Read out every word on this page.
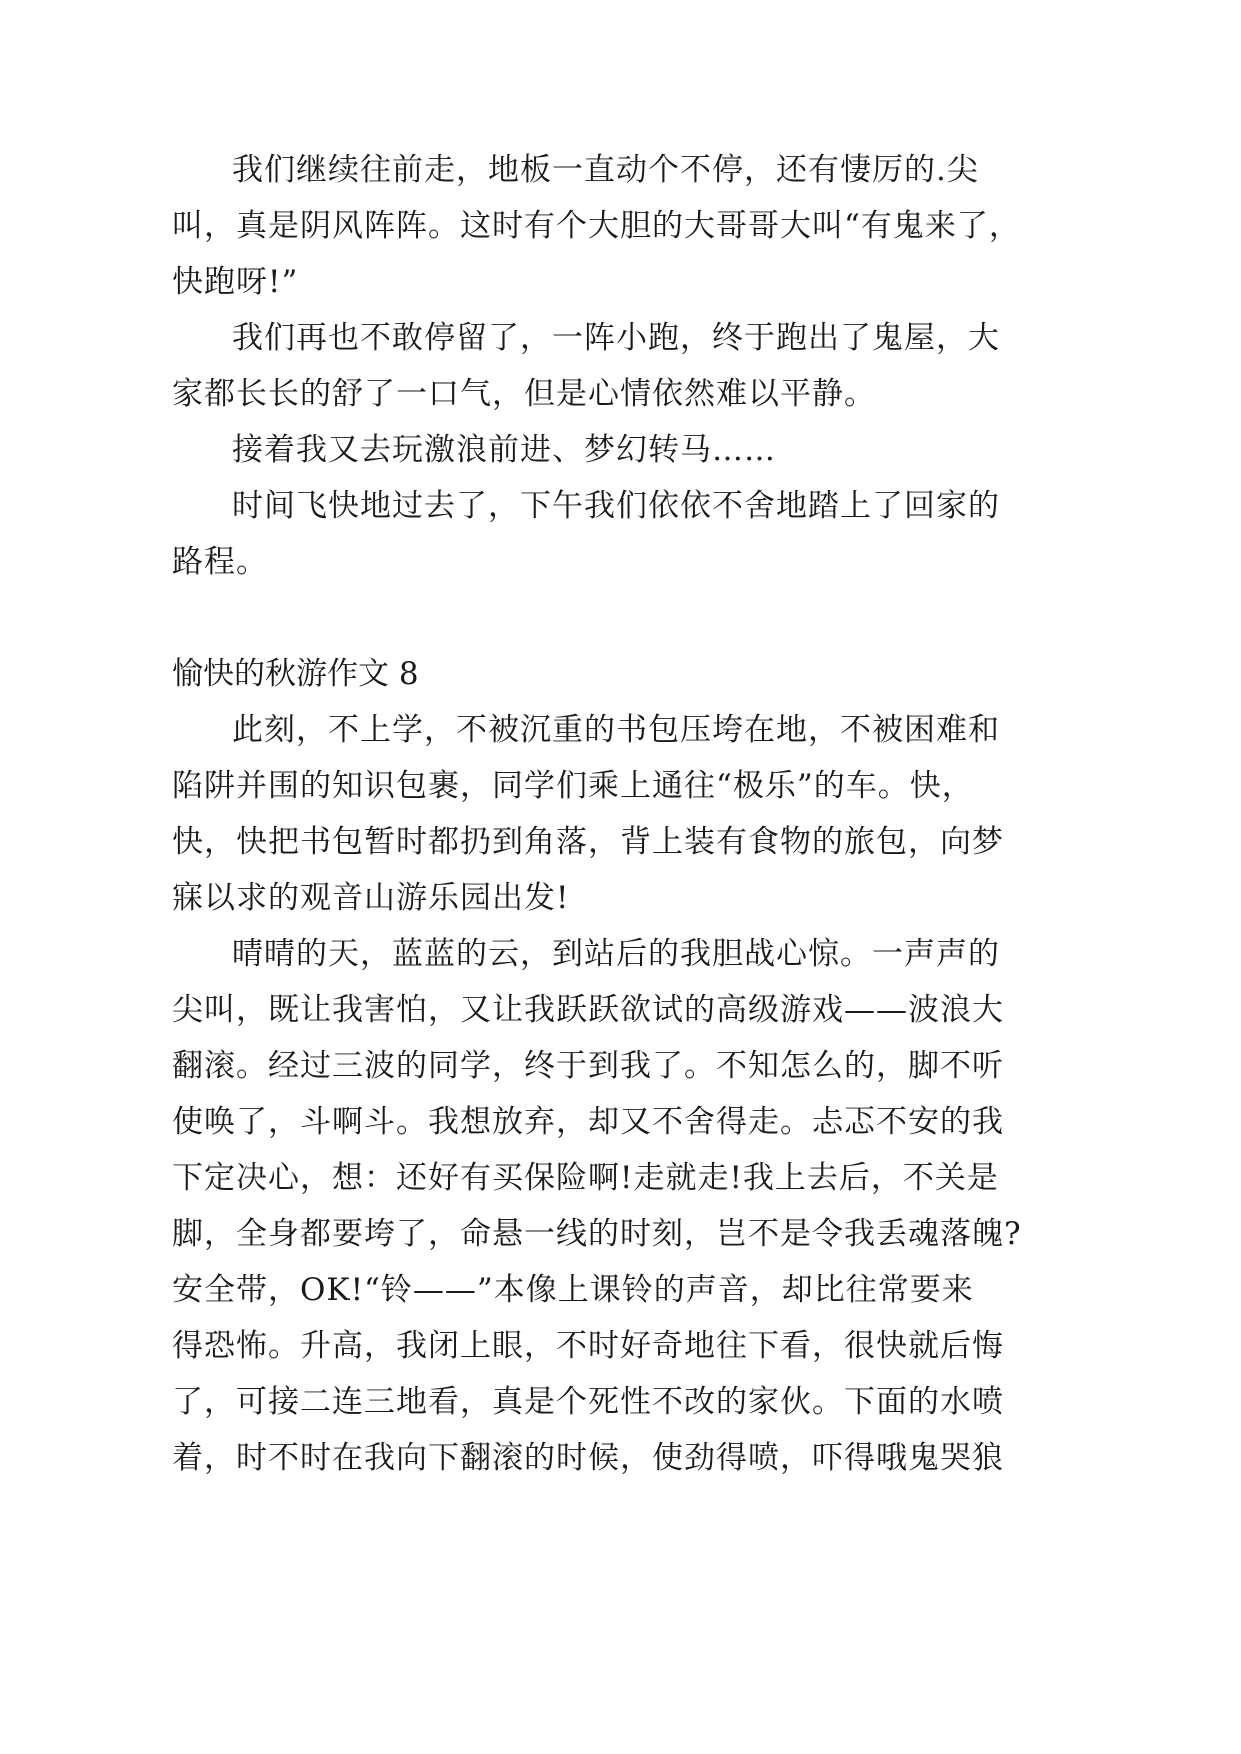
我们继续往前走，地板一直动个不停，还有悽厉的.尖
叫，真是阴风阵阵。这时有个大胆的大哥哥大叫“有鬼来了，
快跑呀!”
我们再也不敢停留了，一阵小跑，终于跑出了鬼屋，大
家都长长的舒了一口气，但是心情依然难以平静。
接着我又去玩激浪前进、梦幻转马……
时间飞快地过去了，下午我们依依不舍地踏上了回家的
路程。
愉快的秋游作文 8
此刻，不上学，不被沉重的书包压垮在地，不被困难和
陷阱并围的知识包裹，同学们乘上通往“极乐”的车。快，
快，快把书包暂时都扔到角落，背上装有食物的旅包，向梦
寐以求的观音山游乐园出发!
晴晴的天，蓝蓝的云，到站后的我胆战心惊。一声声的
尖叫，既让我害怕，又让我跃跃欲试的高级游戏——波浪大
翻滚。经过三波的同学，终于到我了。不知怎么的，脚不听
使唤了，斗啊斗。我想放弃，却又不舍得走。忐忑不安的我
下定决心，想：还好有买保险啊!走就走!我上去后，不关是
脚，全身都要垮了，命悬一线的时刻，岂不是令我丢魂落魄?
安全带，OK!“铃——”本像上课铃的声音，却比往常要来
得恐怖。升高，我闭上眼，不时好奇地往下看，很快就后悔
了，可接二连三地看，真是个死性不改的家伙。下面的水喷
着，时不时在我向下翻滚的时候，使劲得喷，吓得哦鬼哭狼
